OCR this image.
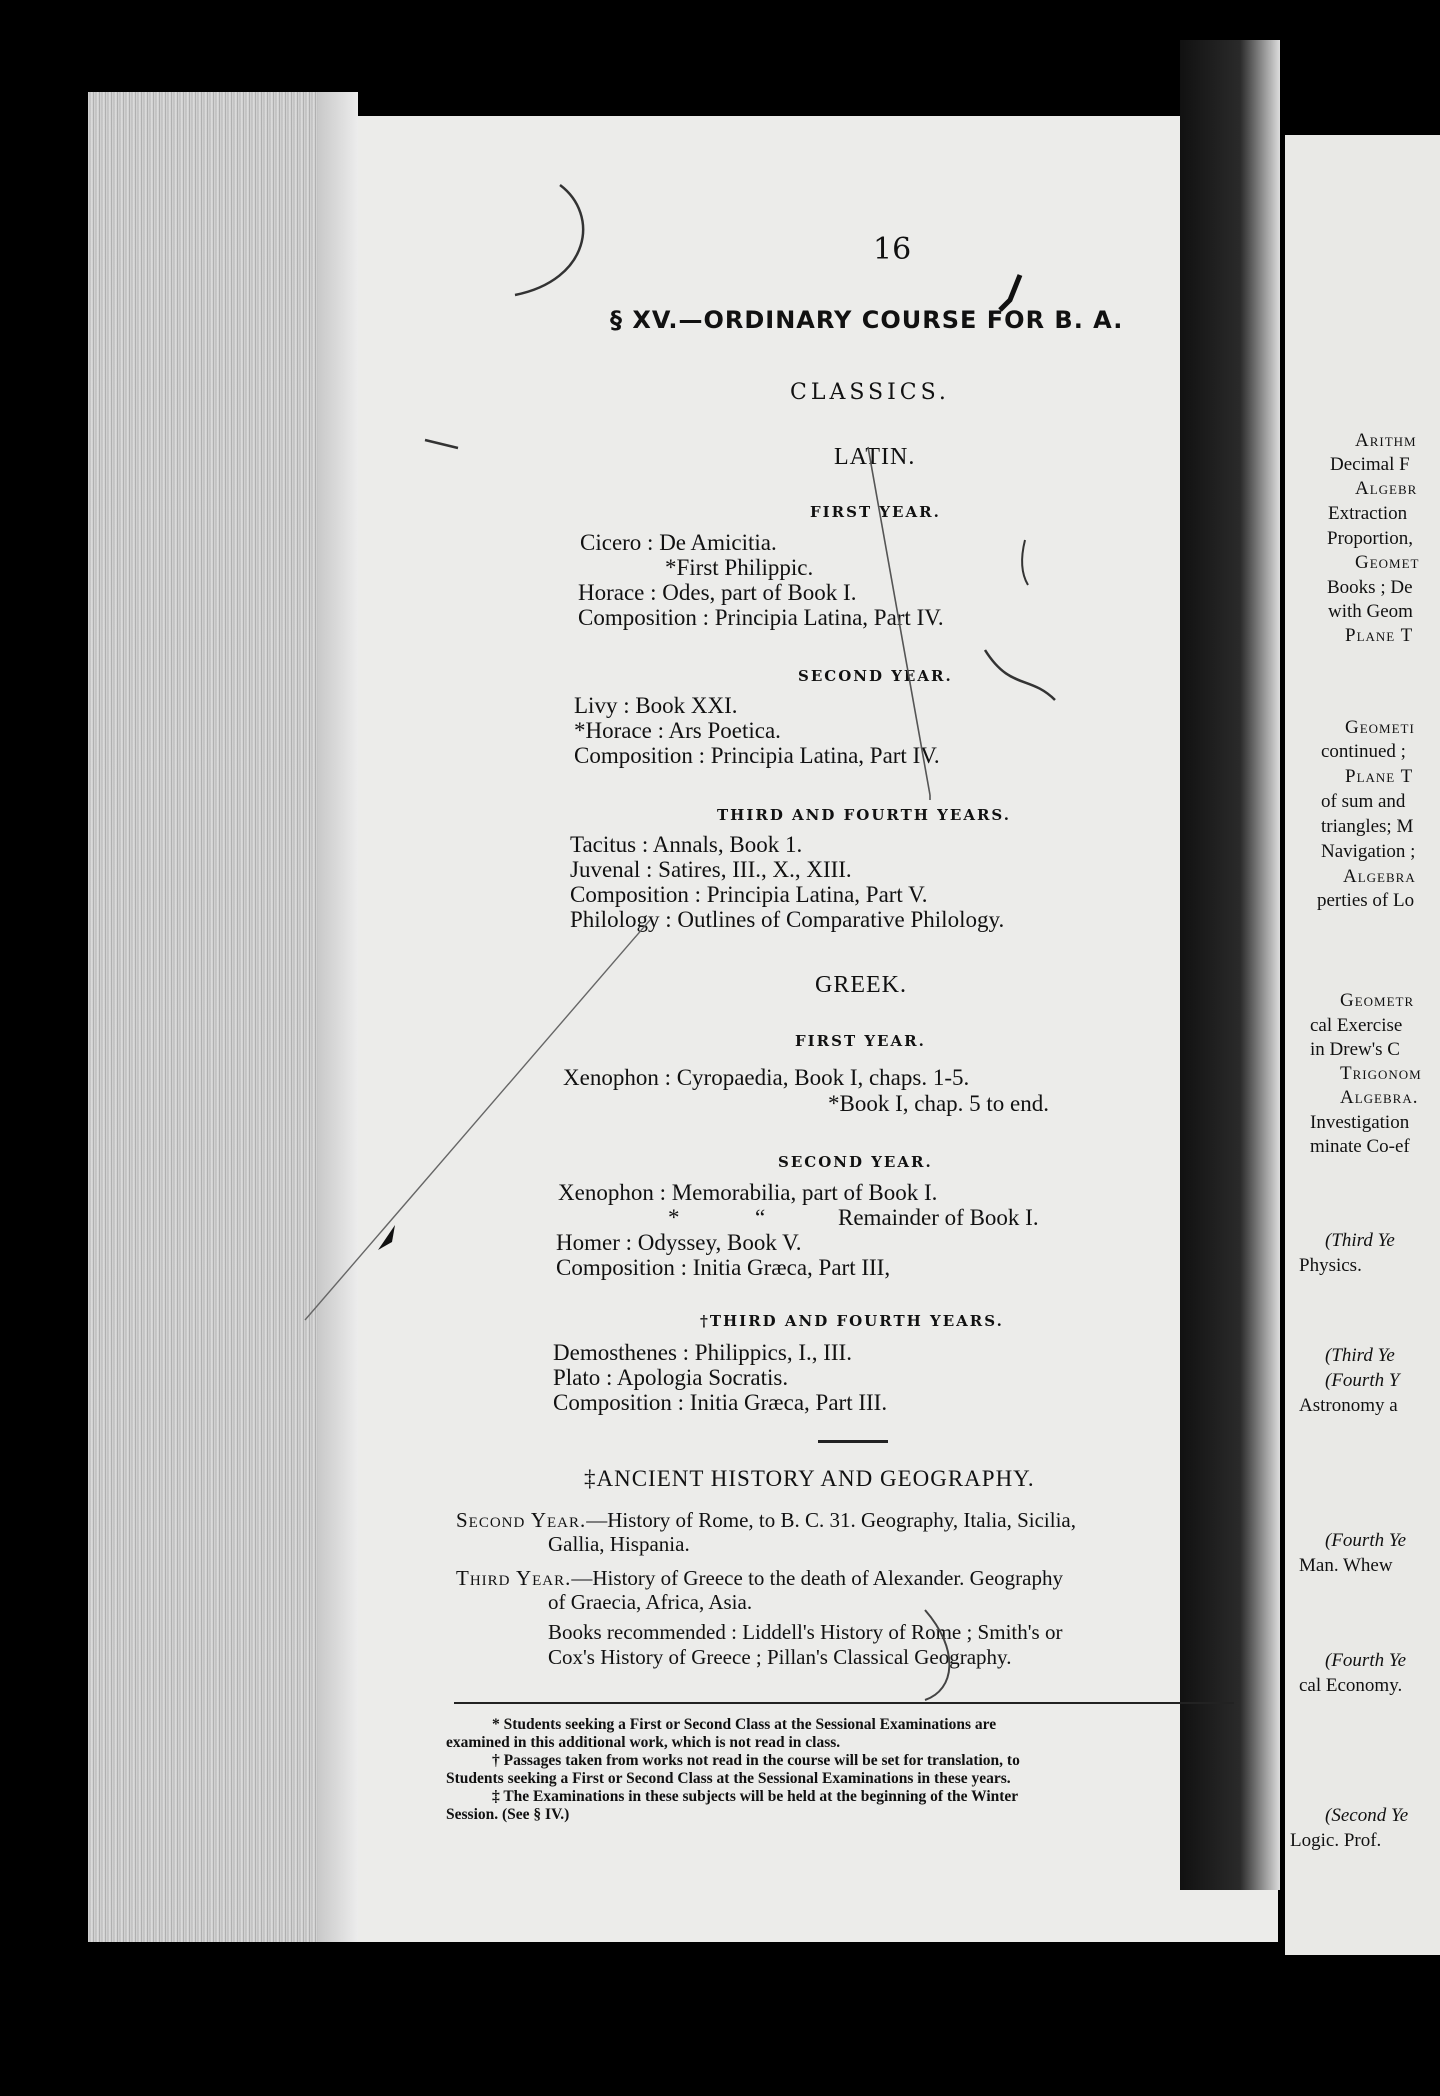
Arithm
Decimal F
Algebr
Extraction
Proportion,
Geomet
Books ; De
with Geom
Plane T
Geometi
continued ;
Plane T
of sum and
triangles; M
Navigation ;
Algebra
perties of Lo
Geometr
cal Exercise
in Drew's C
Trigonom
Algebra.
Investigation
minate Co-ef
(Third Ye
Physics.
(Third Ye
(Fourth Y
Astronomy a
(Fourth Ye
Man. Whew
(Fourth Ye
cal Economy.
(Second Ye
Logic. Prof.
16
§ XV.—ORDINARY COURSE FOR B. A.
CLASSICS.
LATIN.
FIRST YEAR.
Cicero : De Amicitia.
*First Philippic.
Horace : Odes, part of Book I.
Composition : Principia Latina, Part IV.
SECOND YEAR.
Livy : Book XXI.
*Horace : Ars Poetica.
Composition : Principia Latina, Part IV.
THIRD AND FOURTH YEARS.
Tacitus : Annals, Book 1.
Juvenal : Satires, III., X., XIII.
Composition : Principia Latina, Part V.
Philology : Outlines of Comparative Philology.
GREEK.
FIRST YEAR.
Xenophon : Cyropaedia, Book I, chaps. 1-5.
*Book I, chap. 5 to end.
SECOND YEAR.
Xenophon : Memorabilia, part of Book I.
*	“	Remainder of Book I.
Homer : Odyssey, Book V.
Composition : Initia Græca, Part III,
†THIRD AND FOURTH YEARS.
Demosthenes : Philippics, I., III.
Plato : Apologia Socratis.
Composition : Initia Græca, Part III.
‡ANCIENT HISTORY AND GEOGRAPHY.
Second Year.—History of Rome, to B. C. 31. Geography, Italia, Sicilia,
Gallia, Hispania.
Third Year.—History of Greece to the death of Alexander. Geography
of Graecia, Africa, Asia.
Books recommended : Liddell's History of Rome ; Smith's or
Cox's History of Greece ; Pillan's Classical Geography.
* Students seeking a First or Second Class at the Sessional Examinations are
examined in this additional work, which is not read in class.
† Passages taken from works not read in the course will be set for translation, to
Students seeking a First or Second Class at the Sessional Examinations in these years.
‡ The Examinations in these subjects will be held at the beginning of the Winter
Session. (See § IV.)
